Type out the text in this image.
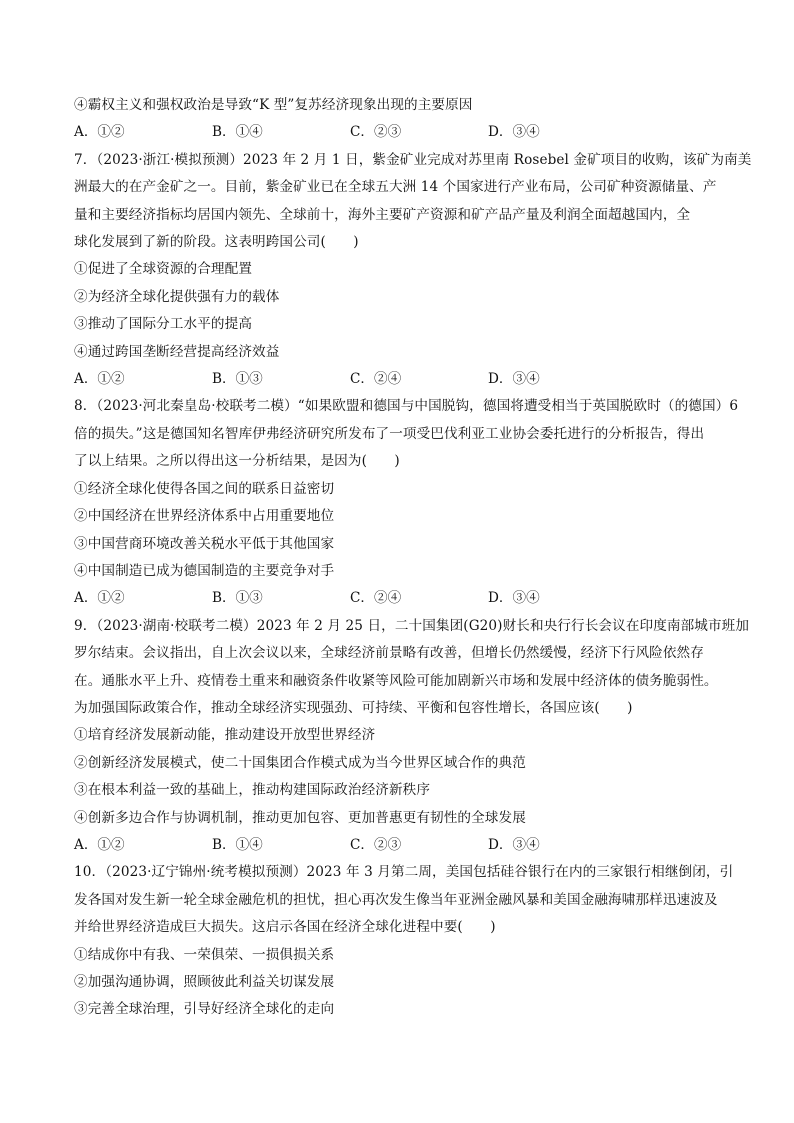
④霸权主义和强权政治是导致“K 型”复苏经济现象出现的主要原因
A．①②	B．①④	C．②③	D．③④
7．（2023·浙江·模拟预测）2023 年 2 月 1 日，紫金矿业完成对苏里南 Rosebel 金矿项目的收购，该矿为南美
洲最大的在产金矿之一。目前，紫金矿业已在全球五大洲 14 个国家进行产业布局，公司矿种资源储量、产
量和主要经济指标均居国内领先、全球前十，海外主要矿产资源和矿产品产量及利润全面超越国内，全
球化发展到了新的阶段。这表明跨国公司(　　)
①促进了全球资源的合理配置
②为经济全球化提供强有力的载体
③推动了国际分工水平的提高
④通过跨国垄断经营提高经济效益
A．①②	B．①③	C．②④	D．③④
8．（2023·河北秦皇岛·校联考二模）“如果欧盟和德国与中国脱钩，德国将遭受相当于英国脱欧时（的德国）6
倍的损失。”这是德国知名智库伊弗经济研究所发布了一项受巴伐利亚工业协会委托进行的分析报告，得出
了以上结果。之所以得出这一分析结果，是因为(　　)
①经济全球化使得各国之间的联系日益密切
②中国经济在世界经济体系中占用重要地位
③中国营商环境改善关税水平低于其他国家
④中国制造已成为德国制造的主要竞争对手
A．①②	B．①③	C．②④	D．③④
9．（2023·湖南·校联考二模）2023 年 2 月 25 日，二十国集团(G20)财长和央行行长会议在印度南部城市班加
罗尔结束。会议指出，自上次会议以来，全球经济前景略有改善，但增长仍然缓慢，经济下行风险依然存
在。通胀水平上升、疫情卷土重来和融资条件收紧等风险可能加剧新兴市场和发展中经济体的债务脆弱性。
为加强国际政策合作，推动全球经济实现强劲、可持续、平衡和包容性增长，各国应该(　　)
①培育经济发展新动能，推动建设开放型世界经济
②创新经济发展模式，使二十国集团合作模式成为当今世界区域合作的典范
③在根本利益一致的基础上，推动构建国际政治经济新秩序
④创新多边合作与协调机制，推动更加包容、更加普惠更有韧性的全球发展
A．①②	B．①④	C．②③	D．③④
10．（2023·辽宁锦州·统考模拟预测）2023 年 3 月第二周，美国包括硅谷银行在内的三家银行相继倒闭，引
发各国对发生新一轮全球金融危机的担忧，担心再次发生像当年亚洲金融风暴和美国金融海啸那样迅速波及
并给世界经济造成巨大损失。这启示各国在经济全球化进程中要(　　)
①结成你中有我、一荣俱荣、一损俱损关系
②加强沟通协调，照顾彼此利益关切谋发展
③完善全球治理，引导好经济全球化的走向
